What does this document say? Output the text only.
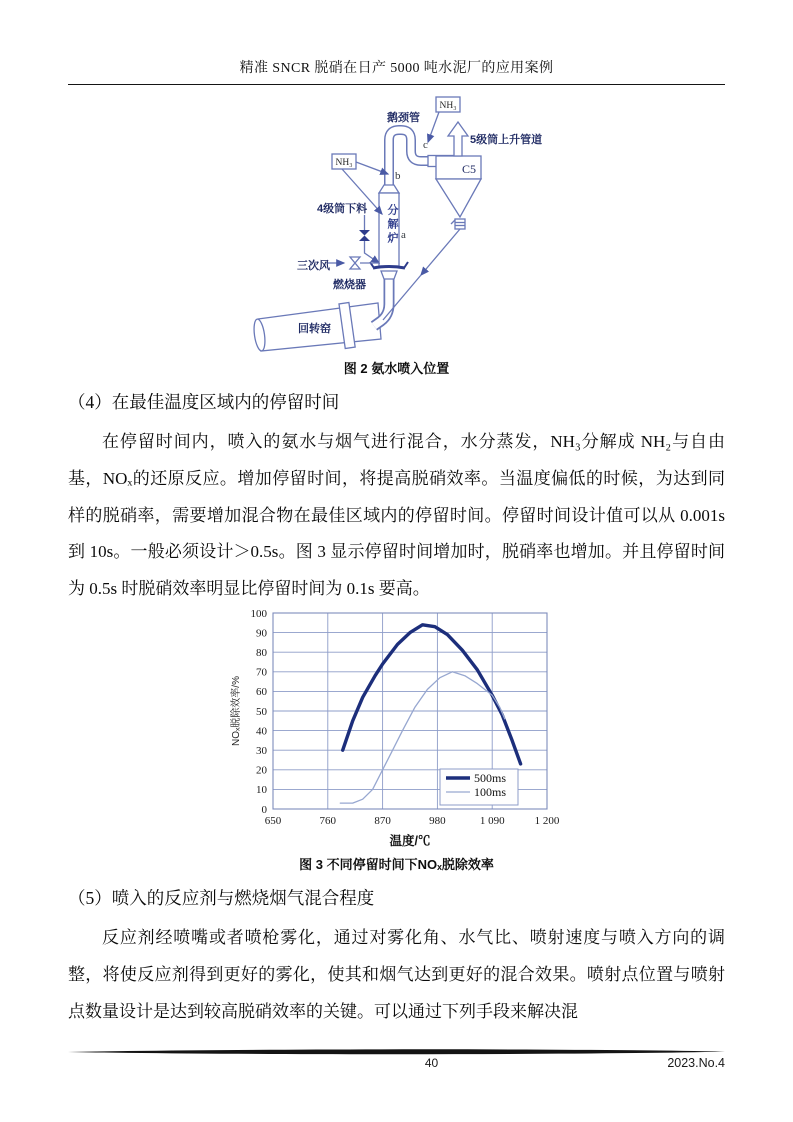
精准 SNCR 脱硝在日产 5000 吨水泥厂的应用案例
NH₃
NH₃
鹅颈管
5级筒上升管道
C5
4级筒下料
三次风
燃烧器
回转窑
a
b
c
分解炉
图 2 氨水喷入位置
（4）在最佳温度区域内的停留时间

在停留时间内，喷入的氨水与烟气进行混合，水分蒸发，NH₃分解成 NH₂与自由基，NOₓ的还原反应。增加停留时间，将提高脱硝效率。当温度偏低的时候，为达到同样的脱硝率，需要增加混合物在最佳区域内的停留时间。停留时间设计值可以从 0.001s 到 10s。一般必须设计＞0.5s。图 3 显示停留时间增加时，脱硝率也增加。并且停留时间为 0.5s 时脱硝效率明显比停留时间为 0.1s 要高。

650	760	870	980	1 090	1 200
0
10
20
30
40
50
60
70
80
90
100
500ms
100ms
NOₓ脱除效率/%
温度/℃
图 3 不同停留时间下NOₓ脱除效率
（5）喷入的反应剂与燃烧烟气混合程度

反应剂经喷嘴或者喷枪雾化，通过对雾化角、水气比、喷射速度与喷入方向的调整，将使反应剂得到更好的雾化，使其和烟气达到更好的混合效果。喷射点位置与喷射点数量设计是达到较高脱硝效率的关键。可以通过下列手段来解决混

40	2023.No.4
